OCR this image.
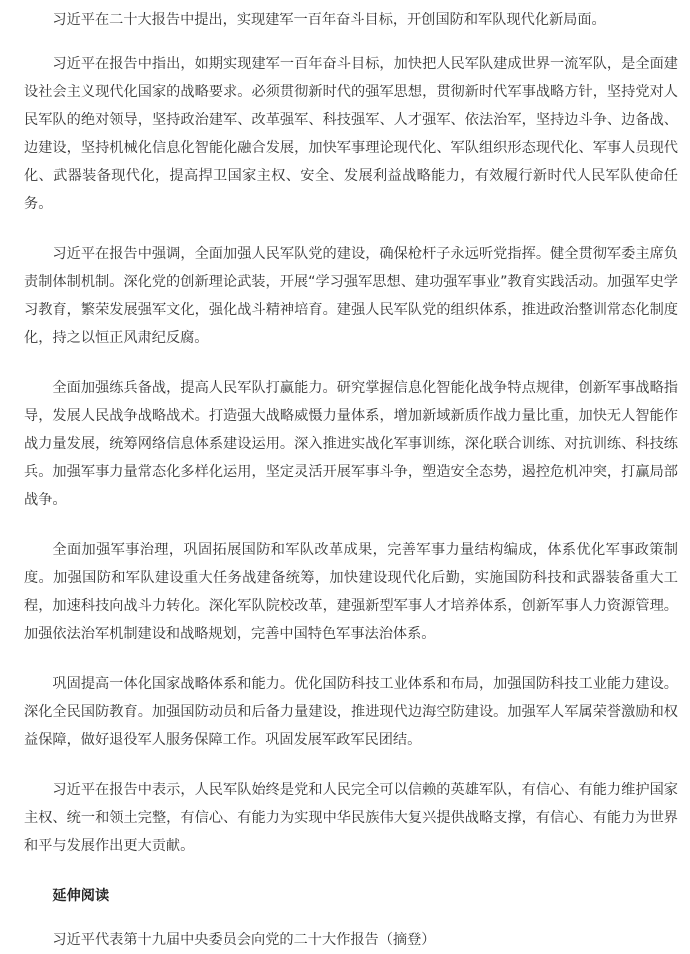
习近平在二十大报告中提出，实现建军一百年奋斗目标，开创国防和军队现代化新局面。

习近平在报告中指出，如期实现建军一百年奋斗目标，加快把人民军队建成世界一流军队，是全面建设社会主义现代化国家的战略要求。必须贯彻新时代的强军思想，贯彻新时代军事战略方针，坚持党对人民军队的绝对领导，坚持政治建军、改革强军、科技强军、人才强军、依法治军，坚持边斗争、边备战、边建设，坚持机械化信息化智能化融合发展，加快军事理论现代化、军队组织形态现代化、军事人员现代化、武器装备现代化，提高捍卫国家主权、安全、发展利益战略能力，有效履行新时代人民军队使命任务。

习近平在报告中强调，全面加强人民军队党的建设，确保枪杆子永远听党指挥。健全贯彻军委主席负责制体制机制。深化党的创新理论武装，开展“学习强军思想、建功强军事业”教育实践活动。加强军史学习教育，繁荣发展强军文化，强化战斗精神培育。建强人民军队党的组织体系，推进政治整训常态化制度化，持之以恒正风肃纪反腐。

全面加强练兵备战，提高人民军队打赢能力。研究掌握信息化智能化战争特点规律，创新军事战略指导，发展人民战争战略战术。打造强大战略威慑力量体系，增加新域新质作战力量比重，加快无人智能作战力量发展，统筹网络信息体系建设运用。深入推进实战化军事训练，深化联合训练、对抗训练、科技练兵。加强军事力量常态化多样化运用，坚定灵活开展军事斗争，塑造安全态势，遏控危机冲突，打赢局部战争。

全面加强军事治理，巩固拓展国防和军队改革成果，完善军事力量结构编成，体系优化军事政策制度。加强国防和军队建设重大任务战建备统筹，加快建设现代化后勤，实施国防科技和武器装备重大工程，加速科技向战斗力转化。深化军队院校改革，建强新型军事人才培养体系，创新军事人力资源管理。加强依法治军机制建设和战略规划，完善中国特色军事法治体系。

巩固提高一体化国家战略体系和能力。优化国防科技工业体系和布局，加强国防科技工业能力建设。深化全民国防教育。加强国防动员和后备力量建设，推进现代边海空防建设。加强军人军属荣誉激励和权益保障，做好退役军人服务保障工作。巩固发展军政军民团结。

习近平在报告中表示，人民军队始终是党和人民完全可以信赖的英雄军队，有信心、有能力维护国家主权、统一和领土完整，有信心、有能力为实现中华民族伟大复兴提供战略支撑，有信心、有能力为世界和平与发展作出更大贡献。

延伸阅读

习近平代表第十九届中央委员会向党的二十大作报告（摘登）
